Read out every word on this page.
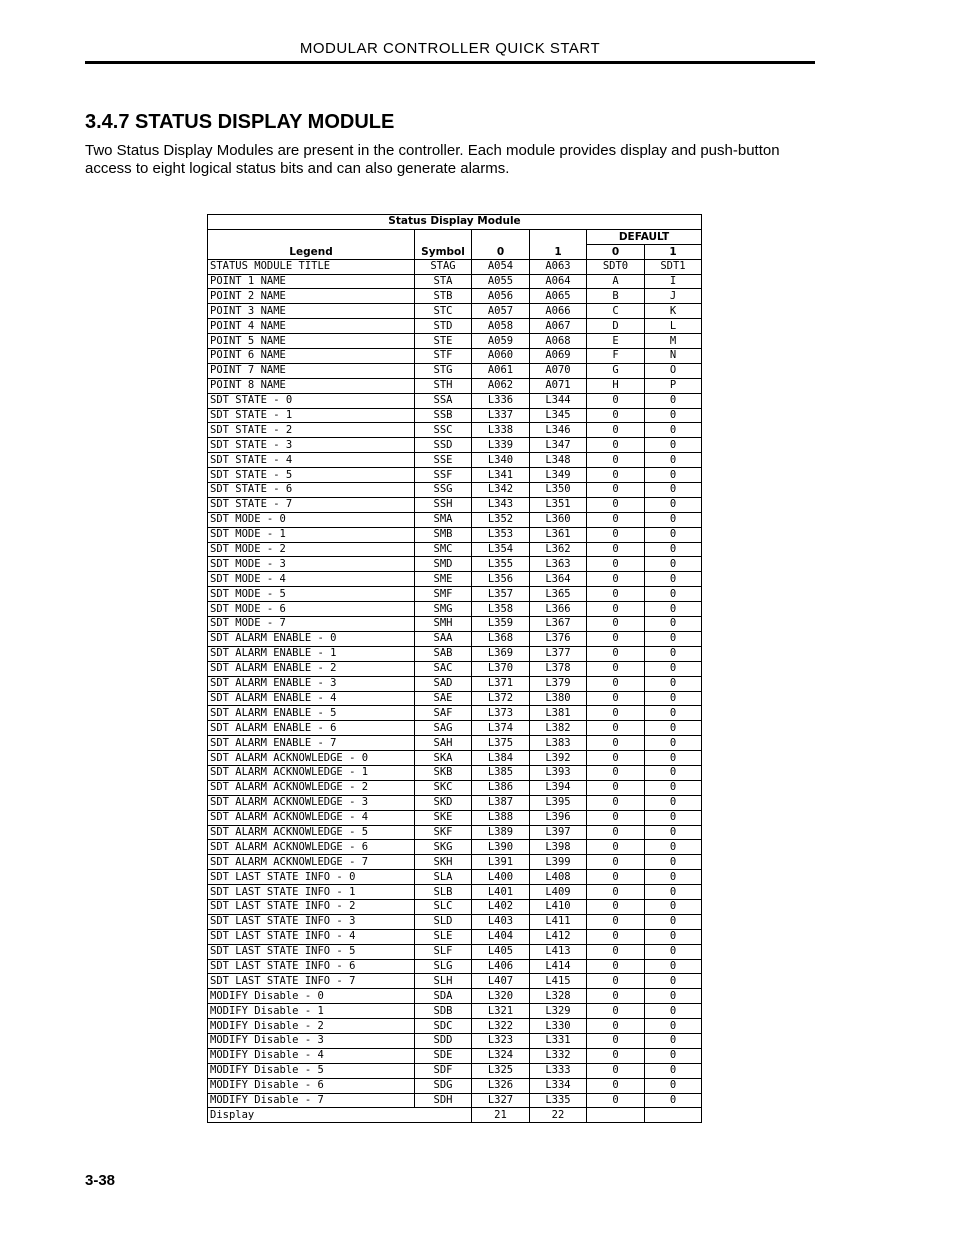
MODULAR CONTROLLER QUICK START
3.4.7 STATUS DISPLAY MODULE

Two Status Display Modules are present in the controller. Each module provides display and push-button access to eight logical status bits and can also generate alarms.

Status Display Module					
Legend	Symbol	0	1	DEFAULT	
				0	1
STATUS MODULE TITLE	STAG	A054	A063	SDT0	SDT1
POINT 1 NAME	STA	A055	A064	A	I
POINT 2 NAME	STB	A056	A065	B	J
POINT 3 NAME	STC	A057	A066	C	K
POINT 4 NAME	STD	A058	A067	D	L
POINT 5 NAME	STE	A059	A068	E	M
POINT 6 NAME	STF	A060	A069	F	N
POINT 7 NAME	STG	A061	A070	G	O
POINT 8 NAME	STH	A062	A071	H	P
SDT STATE - 0	SSA	L336	L344	0	0
SDT STATE - 1	SSB	L337	L345	0	0
SDT STATE - 2	SSC	L338	L346	0	0
SDT STATE - 3	SSD	L339	L347	0	0
SDT STATE - 4	SSE	L340	L348	0	0
SDT STATE - 5	SSF	L341	L349	0	0
SDT STATE - 6	SSG	L342	L350	0	0
SDT STATE - 7	SSH	L343	L351	0	0
SDT MODE - 0	SMA	L352	L360	0	0
SDT MODE - 1	SMB	L353	L361	0	0
SDT MODE - 2	SMC	L354	L362	0	0
SDT MODE - 3	SMD	L355	L363	0	0
SDT MODE - 4	SME	L356	L364	0	0
SDT MODE - 5	SMF	L357	L365	0	0
SDT MODE - 6	SMG	L358	L366	0	0
SDT MODE - 7	SMH	L359	L367	0	0
SDT ALARM ENABLE - 0	SAA	L368	L376	0	0
SDT ALARM ENABLE - 1	SAB	L369	L377	0	0
SDT ALARM ENABLE - 2	SAC	L370	L378	0	0
SDT ALARM ENABLE - 3	SAD	L371	L379	0	0
SDT ALARM ENABLE - 4	SAE	L372	L380	0	0
SDT ALARM ENABLE - 5	SAF	L373	L381	0	0
SDT ALARM ENABLE - 6	SAG	L374	L382	0	0
SDT ALARM ENABLE - 7	SAH	L375	L383	0	0
SDT ALARM ACKNOWLEDGE - 0	SKA	L384	L392	0	0
SDT ALARM ACKNOWLEDGE - 1	SKB	L385	L393	0	0
SDT ALARM ACKNOWLEDGE - 2	SKC	L386	L394	0	0
SDT ALARM ACKNOWLEDGE - 3	SKD	L387	L395	0	0
SDT ALARM ACKNOWLEDGE - 4	SKE	L388	L396	0	0
SDT ALARM ACKNOWLEDGE - 5	SKF	L389	L397	0	0
SDT ALARM ACKNOWLEDGE - 6	SKG	L390	L398	0	0
SDT ALARM ACKNOWLEDGE - 7	SKH	L391	L399	0	0
SDT LAST STATE INFO - 0	SLA	L400	L408	0	0
SDT LAST STATE INFO - 1	SLB	L401	L409	0	0
SDT LAST STATE INFO - 2	SLC	L402	L410	0	0
SDT LAST STATE INFO - 3	SLD	L403	L411	0	0
SDT LAST STATE INFO - 4	SLE	L404	L412	0	0
SDT LAST STATE INFO - 5	SLF	L405	L413	0	0
SDT LAST STATE INFO - 6	SLG	L406	L414	0	0
SDT LAST STATE INFO - 7	SLH	L407	L415	0	0
MODIFY Disable - 0	SDA	L320	L328	0	0
MODIFY Disable - 1	SDB	L321	L329	0	0
MODIFY Disable - 2	SDC	L322	L330	0	0
MODIFY Disable - 3	SDD	L323	L331	0	0
MODIFY Disable - 4	SDE	L324	L332	0	0
MODIFY Disable - 5	SDF	L325	L333	0	0
MODIFY Disable - 6	SDG	L326	L334	0	0
MODIFY Disable - 7	SDH	L327	L335	0	0
Display		21	22		
3-38
